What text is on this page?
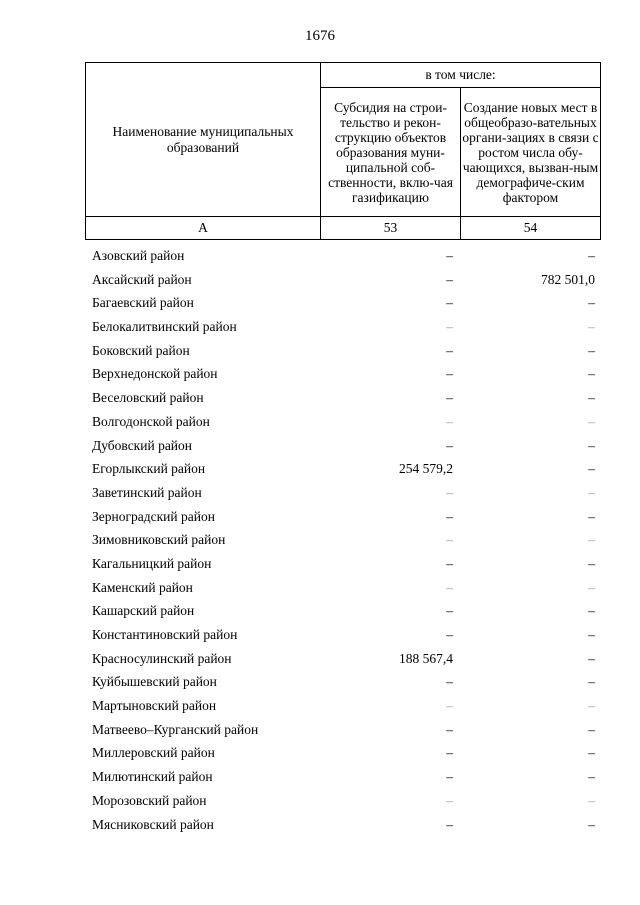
1676
Наименование муниципальных образований	в том числе:	
	Субсидия на строи-тельство и рекон-струкцию объектов образования муни-ципальной соб-ственности, вклю-чая газификацию	Создание новых мест в общеобразо-вательных органи-зациях в связи с ростом числа обу-чающихся, вызван-ным демографиче-ским фактором
А	53	54
Азовский район	–	–
Аксайский район	–	782 501,0
Багаевский район	–	–
Белокалитвинский район	–	–
Боковский район	–	–
Верхнедонской район	–	–
Веселовский район	–	–
Волгодонской район	–	–
Дубовский район	–	–
Егорлыкский район	254 579,2	–
Заветинский район	–	–
Зерноградский район	–	–
Зимовниковский район	–	–
Кагальницкий район	–	–
Каменский район	–	–
Кашарский район	–	–
Константиновский район	–	–
Красносулинский район	188 567,4	–
Куйбышевский район	–	–
Мартыновский район	–	–
Матвеево–Курганский район	–	–
Миллеровский район	–	–
Милютинский район	–	–
Морозовский район	–	–
Мясниковский район	–	–
